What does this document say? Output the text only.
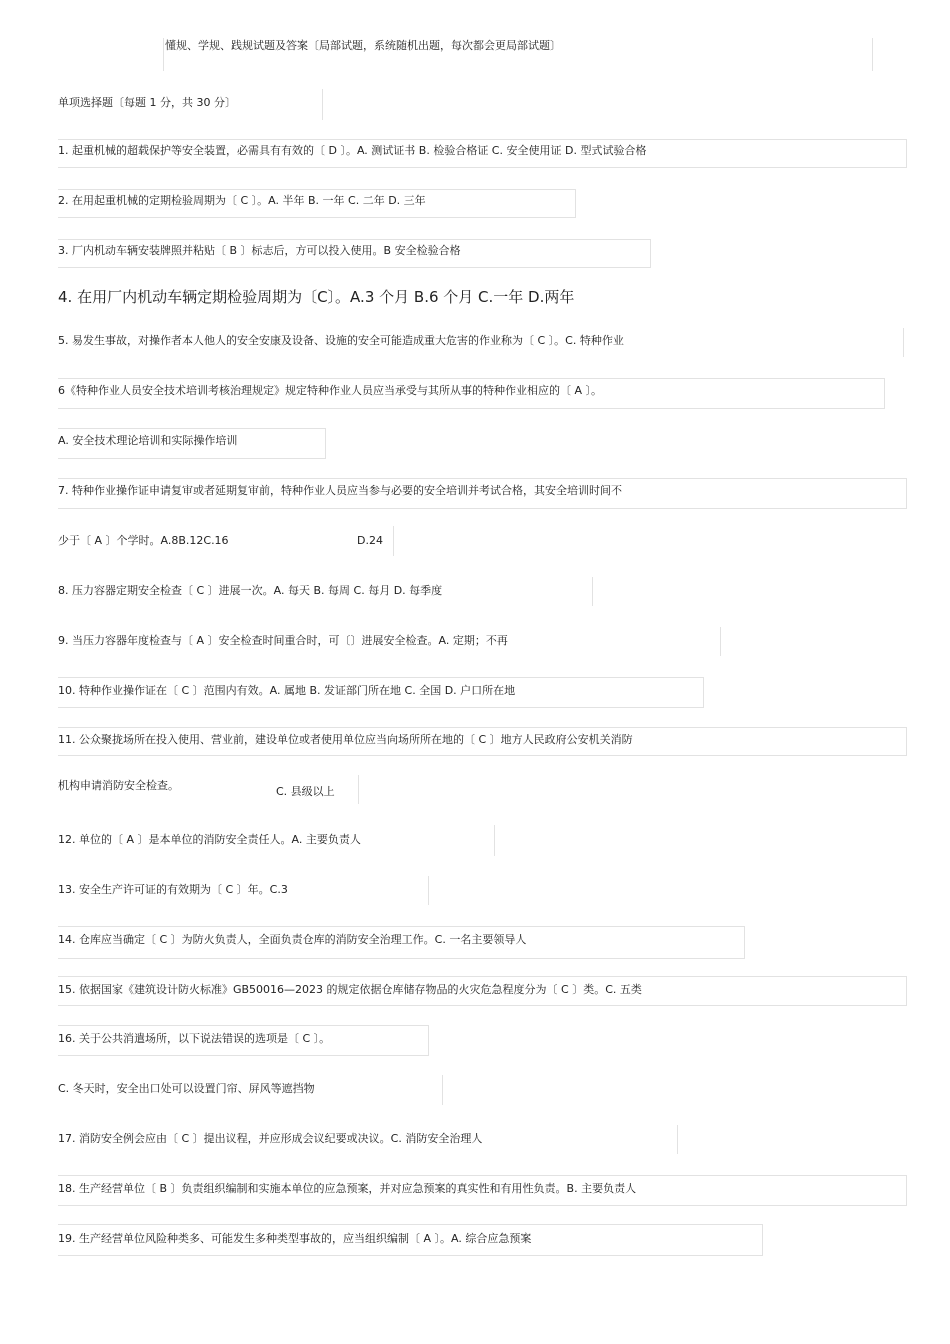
懂规、学规、践规试题及答案〔局部试题，系统随机出题，每次都会更局部试题〕
单项选择题〔每题 1 分，共 30 分〕
1. 起重机械的超载保护等安全装置，必需具有有效的〔 D 〕。A. 测试证书 B. 检验合格证 C. 安全使用证 D. 型式试验合格
2. 在用起重机械的定期检验周期为〔 C 〕。A. 半年 B. 一年 C. 二年 D. 三年
3. 厂内机动车辆安装牌照并粘贴〔 B 〕标志后，方可以投入使用。B 安全检验合格
4. 在用厂内机动车辆定期检验周期为〔C〕。A.3 个月 B.6 个月 C.一年 D.两年
5. 易发生事故，对操作者本人他人的安全安康及设备、设施的安全可能造成重大危害的作业称为〔 C 〕。C. 特种作业
6《特种作业人员安全技术培训考核治理规定》规定特种作业人员应当承受与其所从事的特种作业相应的〔 A 〕。
A. 安全技术理论培训和实际操作培训
7. 特种作业操作证申请复审或者延期复审前，特种作业人员应当参与必要的安全培训并考试合格，其安全培训时间不
少于〔 A 〕个学时。A.8B.12C.16	D.24
8. 压力容器定期安全检查〔 C 〕进展一次。A. 每天 B. 每周 C. 每月 D. 每季度
9. 当压力容器年度检查与〔 A 〕安全检查时间重合时，可〔〕进展安全检查。A. 定期；不再
10. 特种作业操作证在〔 C 〕范围内有效。A. 属地 B. 发证部门所在地 C. 全国 D. 户口所在地
11. 公众聚拢场所在投入使用、营业前，建设单位或者使用单位应当向场所所在地的〔 C 〕地方人民政府公安机关消防
机构申请消防安全检查。	C. 县级以上
12. 单位的〔 A 〕是本单位的消防安全责任人。A. 主要负责人
13. 安全生产许可证的有效期为〔 C 〕年。C.3
14. 仓库应当确定〔 C 〕为防火负责人，全面负责仓库的消防安全治理工作。C. 一名主要领导人
15. 依据国家《建筑设计防火标准》GB50016—2023 的规定依据仓库储存物品的火灾危急程度分为〔 C 〕类。C. 五类
16. 关于公共消遣场所，以下说法错误的选项是〔 C 〕。
C. 冬天时，安全出口处可以设置门帘、屏风等遮挡物
17. 消防安全例会应由〔 C 〕提出议程，并应形成会议纪要或决议。C. 消防安全治理人
18. 生产经营单位〔 B 〕负责组织编制和实施本单位的应急预案，并对应急预案的真实性和有用性负责。B. 主要负责人
19. 生产经营单位风险种类多、可能发生多种类型事故的，应当组织编制〔 A 〕。A. 综合应急预案
